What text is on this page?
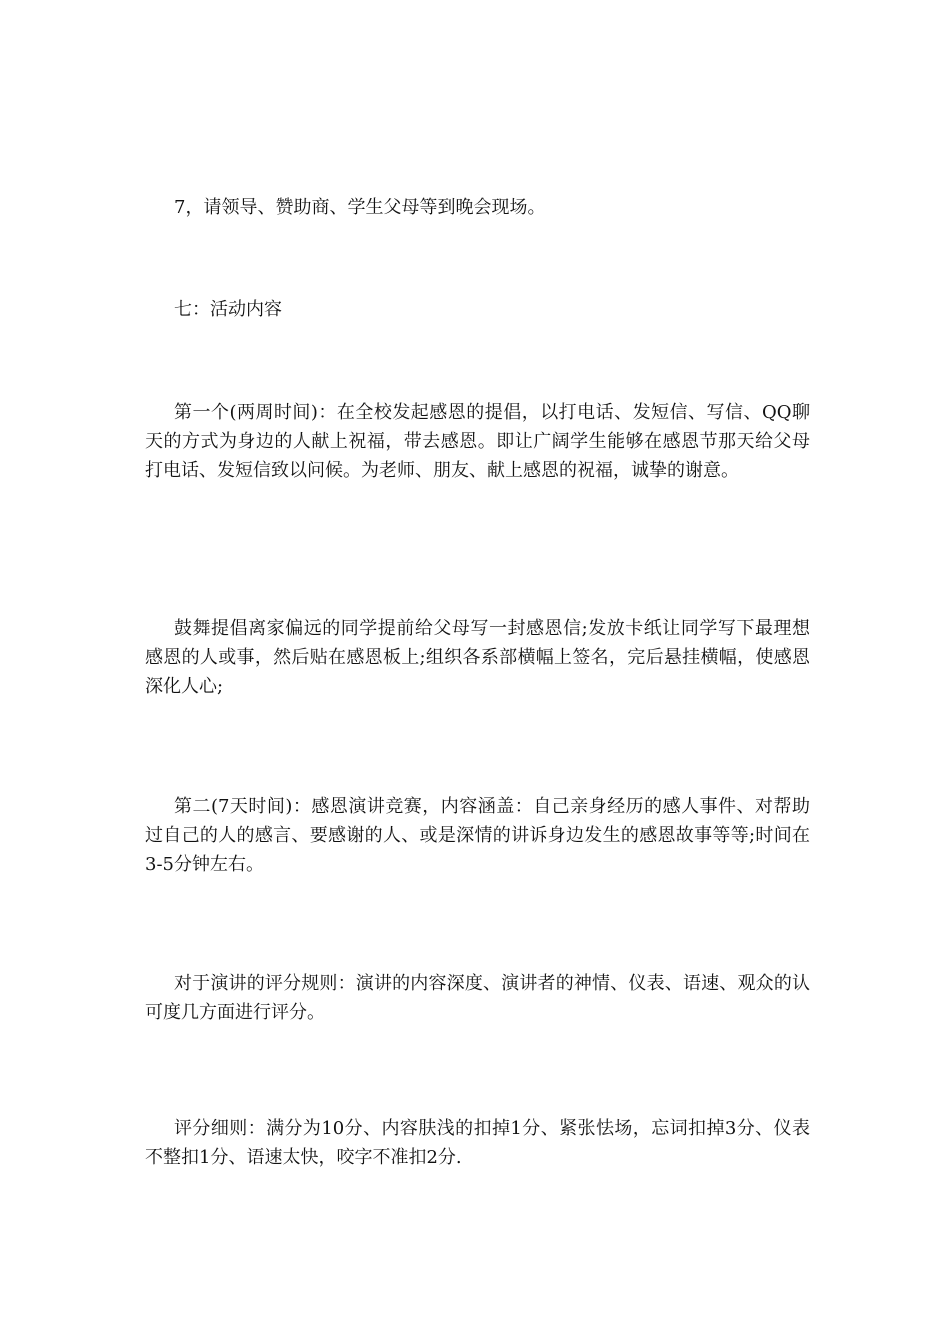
7，请领导、赞助商、学生父母等到晚会现场。

七：活动内容

第一个(两周时间)：在全校发起感恩的提倡，以打电话、发短信、写信、QQ聊天的方式为身边的人献上祝福，带去感恩。即让广阔学生能够在感恩节那天给父母打电话、发短信致以问候。为老师、朋友、献上感恩的祝福，诚挚的谢意。

鼓舞提倡离家偏远的同学提前给父母写一封感恩信;发放卡纸让同学写下最理想感恩的人或事，然后贴在感恩板上;组织各系部横幅上签名，完后悬挂横幅，使感恩深化人心;

第二(7天时间)：感恩演讲竞赛，内容涵盖：自己亲身经历的感人事件、对帮助过自己的人的感言、要感谢的人、或是深情的讲诉身边发生的感恩故事等等;时间在3-5分钟左右。

对于演讲的评分规则：演讲的内容深度、演讲者的神情、仪表、语速、观众的认可度几方面进行评分。

评分细则：满分为10分、内容肤浅的扣掉1分、紧张怯场，忘词扣掉3分、仪表不整扣1分、语速太快，咬字不准扣2分.
